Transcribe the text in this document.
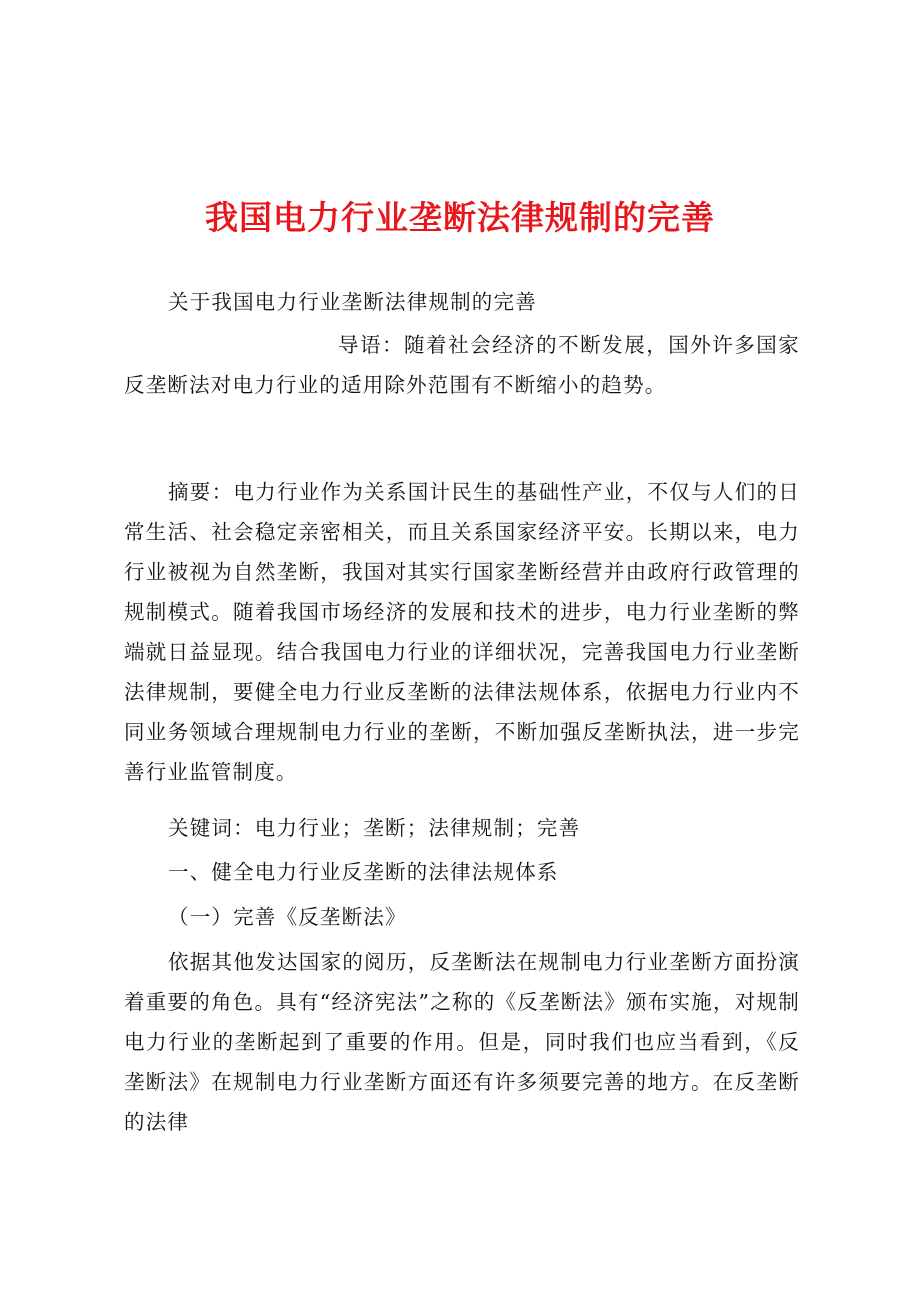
我国电力行业垄断法律规制的完善
关于我国电力行业垄断法律规制的完善
导语：随着社会经济的不断发展，国外许多国家反垄断法对电力行业的适用除外范围有不断缩小的趋势。
摘要：电力行业作为关系国计民生的基础性产业，不仅与人们的日常生活、社会稳定亲密相关，而且关系国家经济平安。长期以来，电力行业被视为自然垄断，我国对其实行国家垄断经营并由政府行政管理的规制模式。随着我国市场经济的发展和技术的进步，电力行业垄断的弊端就日益显现。结合我国电力行业的详细状况，完善我国电力行业垄断法律规制，要健全电力行业反垄断的法律法规体系，依据电力行业内不同业务领域合理规制电力行业的垄断，不断加强反垄断执法，进一步完善行业监管制度。
关键词：电力行业；垄断；法律规制；完善
一、健全电力行业反垄断的法律法规体系
（一）完善《反垄断法》
依据其他发达国家的阅历，反垄断法在规制电力行业垄断方面扮演着重要的角色。具有“经济宪法”之称的《反垄断法》颁布实施，对规制电力行业的垄断起到了重要的作用。但是，同时我们也应当看到，《反垄断法》在规制电力行业垄断方面还有许多须要完善的地方。在反垄断的法律
